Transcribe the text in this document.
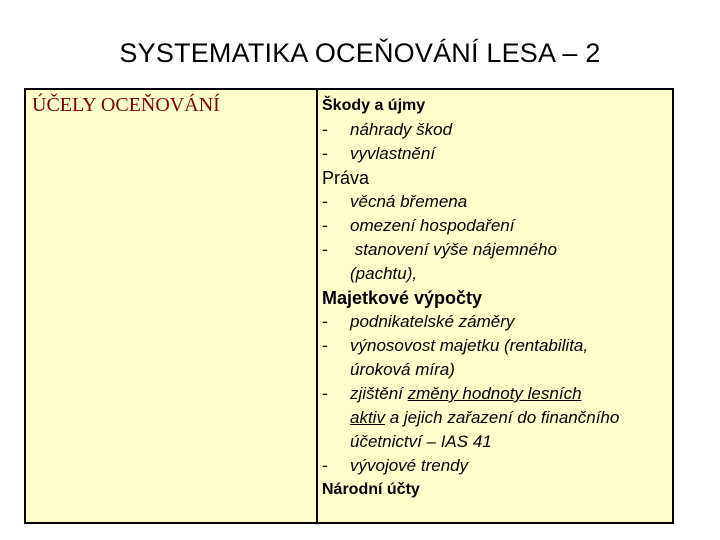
SYSTEMATIKA OCEŇOVÁNÍ LESA – 2
ÚČELY OCEŇOVÁNÍ	Škody a újmy
-	náhrady škod
-	vyvlastnění
Práva
-	věcná břemena
-	omezení hospodaření
-	stanovení výše nájemného
(pachtu),
Majetkové výpočty
-	podnikatelské záměry
-	výnosovost majetku (rentabilita,
úroková míra)
-	zjištění změny hodnoty lesních
aktiv a jejich zařazení do finančního
účetnictví – IAS 41
-	vývojové trendy
Národní účty
